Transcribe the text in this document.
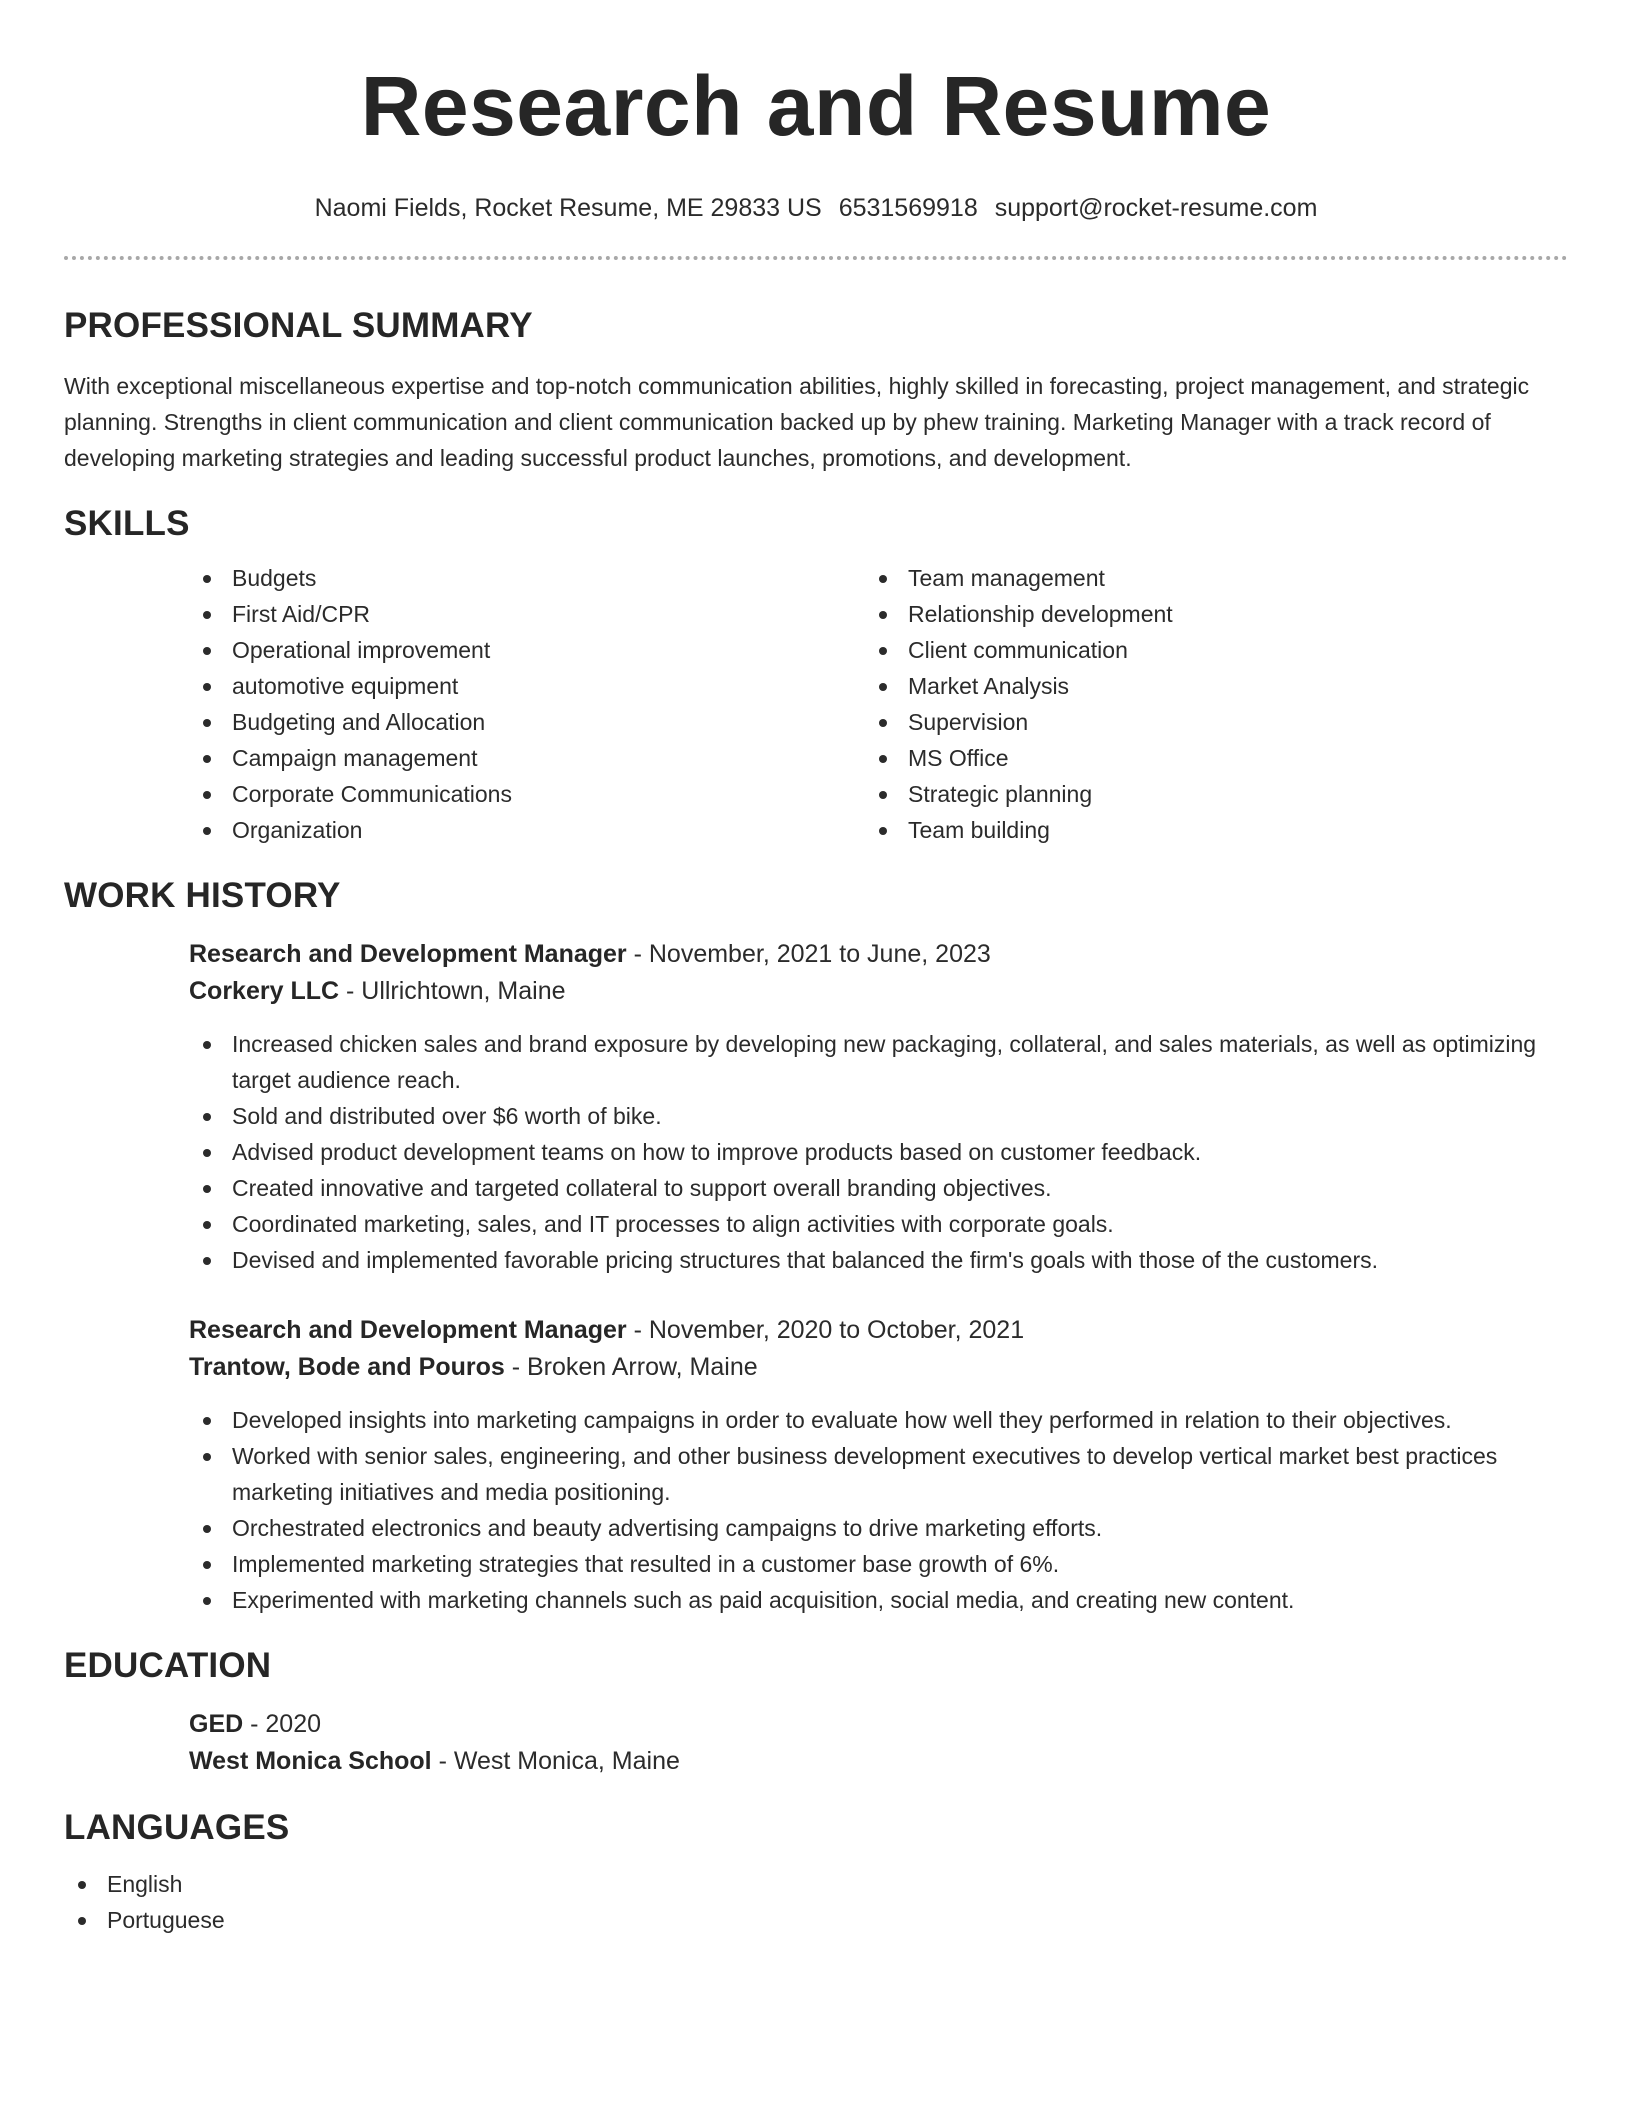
Research and Resume
Naomi Fields, Rocket Resume, ME 29833 US 6531569918 support@rocket-resume.com
PROFESSIONAL SUMMARY

With exceptional miscellaneous expertise and top-notch communication abilities, highly skilled in forecasting, project management, and strategic planning. Strengths in client communication and client communication backed up by phew training. Marketing Manager with a track record of developing marketing strategies and leading successful product launches, promotions, and development.

SKILLS
Budgets
First Aid/CPR
Operational improvement
automotive equipment
Budgeting and Allocation
Campaign management
Corporate Communications
Organization
Team management
Relationship development
Client communication
Market Analysis
Supervision
MS Office
Strategic planning
Team building
WORK HISTORY
Research and Development Manager - November, 2021 to June, 2023
Corkery LLC - Ullrichtown, Maine
Increased chicken sales and brand exposure by developing new packaging, collateral, and sales materials, as well as optimizing target audience reach.
Sold and distributed over $6 worth of bike.
Advised product development teams on how to improve products based on customer feedback.
Created innovative and targeted collateral to support overall branding objectives.
Coordinated marketing, sales, and IT processes to align activities with corporate goals.
Devised and implemented favorable pricing structures that balanced the firm's goals with those of the customers.
Research and Development Manager - November, 2020 to October, 2021
Trantow, Bode and Pouros - Broken Arrow, Maine
Developed insights into marketing campaigns in order to evaluate how well they performed in relation to their objectives.
Worked with senior sales, engineering, and other business development executives to develop vertical market best practices marketing initiatives and media positioning.
Orchestrated electronics and beauty advertising campaigns to drive marketing efforts.
Implemented marketing strategies that resulted in a customer base growth of 6%.
Experimented with marketing channels such as paid acquisition, social media, and creating new content.
EDUCATION
GED - 2020
West Monica School - West Monica, Maine
LANGUAGES
English
Portuguese
